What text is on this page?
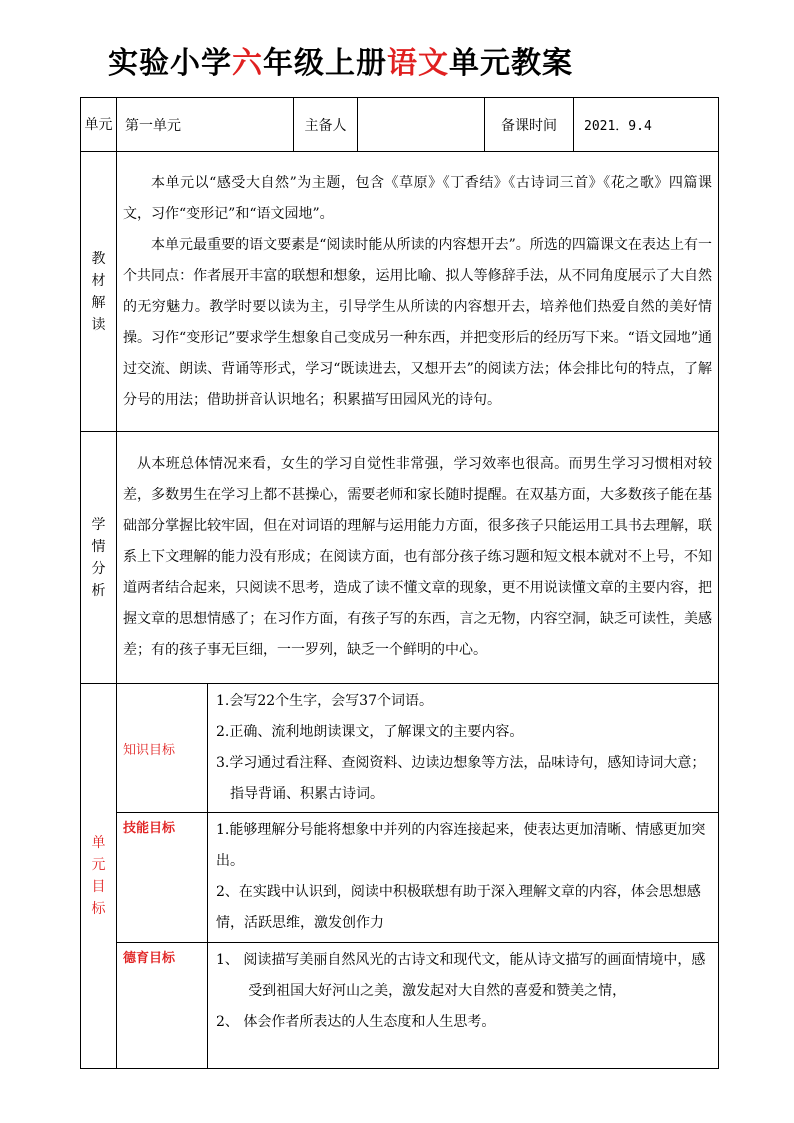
实验小学六年级上册语文单元教案
单元	第一单元		主备人		备课时间	2021．9.4

教材解读	本单元以“感受大自然”为主题，包含《草原》《丁香结》《古诗词三首》《花之歌》四篇课文，习作“变形记”和“语文园地”。

本单元最重要的语文要素是“阅读时能从所读的内容想开去”。所选的四篇课文在表达上有一个共同点：作者展开丰富的联想和想象，运用比喻、拟人等修辞手法，从不同角度展示了大自然的无穷魅力。教学时要以读为主，引导学生从所读的内容想开去，培养他们热爱自然的美好情操。习作“变形记”要求学生想象自己变成另一种东西，并把变形后的经历写下来。“语文园地”通过交流、朗读、背诵等形式，学习“既读进去，又想开去”的阅读方法；体会排比句的特点，了解分号的用法；借助拼音认识地名；积累描写田园风光的诗句。					

学情分析	从本班总体情况来看，女生的学习自觉性非常强，学习效率也很高。而男生学习习惯相对较差，多数男生在学习上都不甚操心，需要老师和家长随时提醒。在双基方面，大多数孩子能在基础部分掌握比较牢固，但在对词语的理解与运用能力方面，很多孩子只能运用工具书去理解，联系上下文理解的能力没有形成；在阅读方面，也有部分孩子练习题和短文根本就对不上号，不知道两者结合起来，只阅读不思考，造成了读不懂文章的现象，更不用说读懂文章的主要内容，把握文章的思想情感了；在习作方面，有孩子写的东西，言之无物，内容空洞，缺乏可读性，美感差；有的孩子事无巨细，一一罗列，缺乏一个鲜明的中心。					

单元目标	知识目标	1.会写22个生字，会写37个词语。

2.正确、流利地朗读课文，了解课文的主要内容。

3.学习通过看注释、查阅资料、边读边想象等方法，品味诗句，感知诗词大意；指导背诵、积累古诗词。				

	技能目标	1.能够理解分号能将想象中并列的内容连接起来，使表达更加清晰、情感更加突出。

2、在实践中认识到，阅读中积极联想有助于深入理解文章的内容，体会思想感情，活跃思维，激发创作力				

	德育目标	1、 阅读描写美丽自然风光的古诗文和现代文，能从诗文描写的画面情境中，感受到祖国大好河山之美，激发起对大自然的喜爱和赞美之情，

2、 体会作者所表达的人生态度和人生思考。				
